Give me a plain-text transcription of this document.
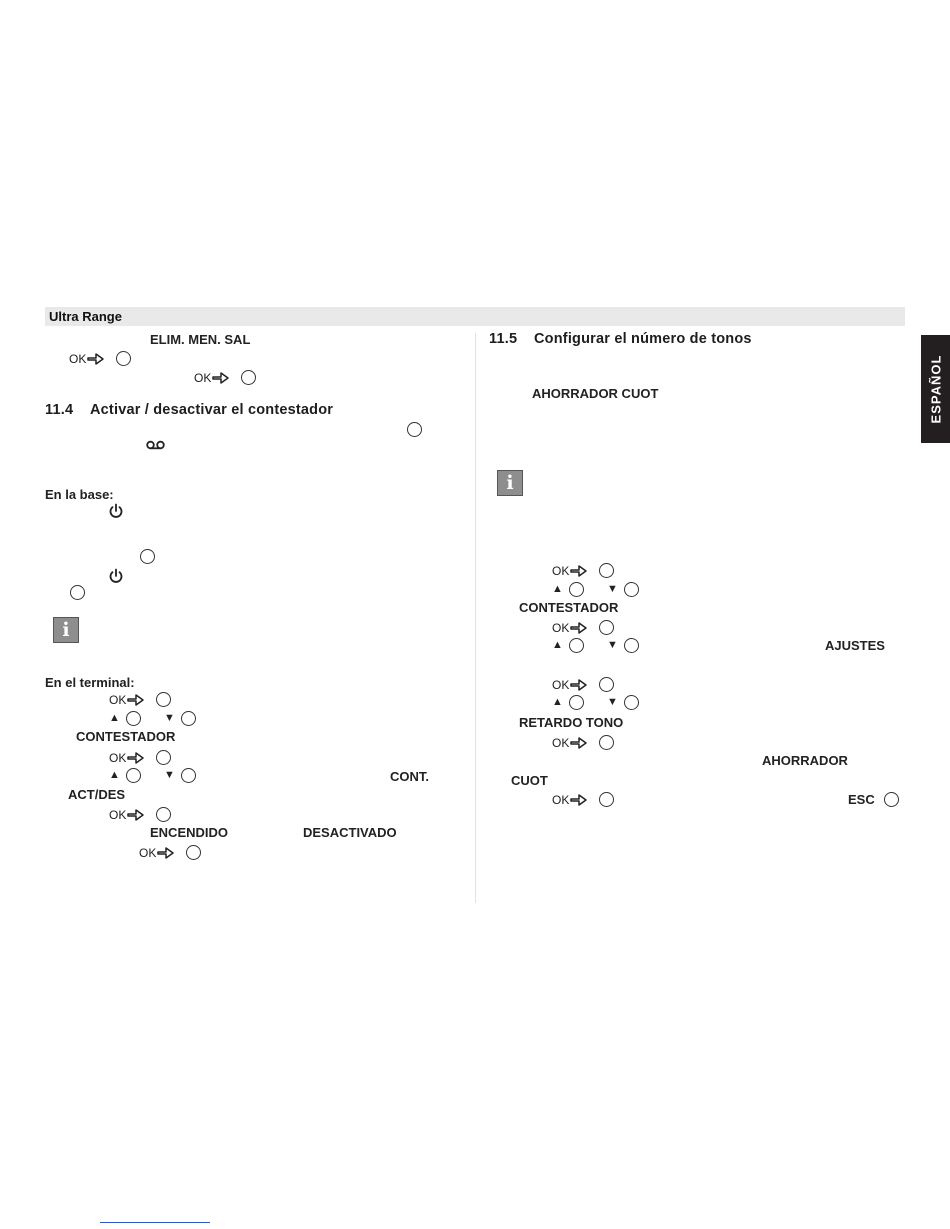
Ultra Range
ESPAÑOL
ELIM. MEN. SAL
OK
OK
11.4 Activar / desactivar el contestador
En la base:
i
En el terminal:
OK
▲	▼
CONTESTADOR
OK
▲	▼	CONT.
ACT/DES
OK
ENCENDIDO	DESACTIVADO
OK
11.5 Configurar el número de tonos
AHORRADOR CUOT
i
OK
▲	▼
CONTESTADOR
OK
▲	▼	AJUSTES
OK
▲	▼
RETARDO TONO
OK
AHORRADOR
CUOT
OK	ESC
